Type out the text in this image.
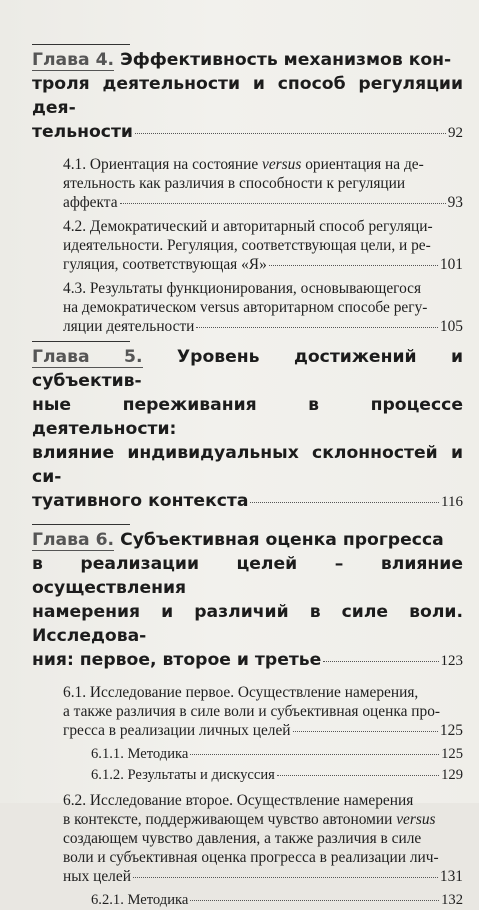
Глава 4. Эффективность механизмов кон-
троля деятельности и способ регуляции дея-
тельности	92
4.1. Ориентация на состояние versus ориентация на де-
ятельность как различия в способности к регуляции
аффекта	93
4.2. Демократический и авторитарный способ регуляци-
идеятельности. Регуляция, соответствующая цели, и ре-
гуляция, соответствующая «Я»	101
4.3. Результаты функционирования, основывающегося
на демократическом versus авторитарном способе регу-
ляции деятельности	105
Глава 5. Уровень достижений и субъектив-
ные переживания в процессе деятельности:
влияние индивидуальных склонностей и си-
туативного контекста	116
Глава 6. Субъективная оценка прогресса
в реализации целей – влияние осуществления
намерения и различий в силе воли. Исследова-
ния: первое, второе и третье	123
6.1. Исследование первое. Осуществление намерения,
а также различия в силе воли и субъективная оценка про-
гресса в реализации личных целей	125
6.1.1. Методика	125
6.1.2. Результаты и дискуссия	129
6.2. Исследование второе. Осуществление намерения
в контексте, поддерживающем чувство автономии versus
создающем чувство давления, а также различия в силе
воли и субъективная оценка прогресса в реализации лич-
ных целей	131
6.2.1. Методика	132
